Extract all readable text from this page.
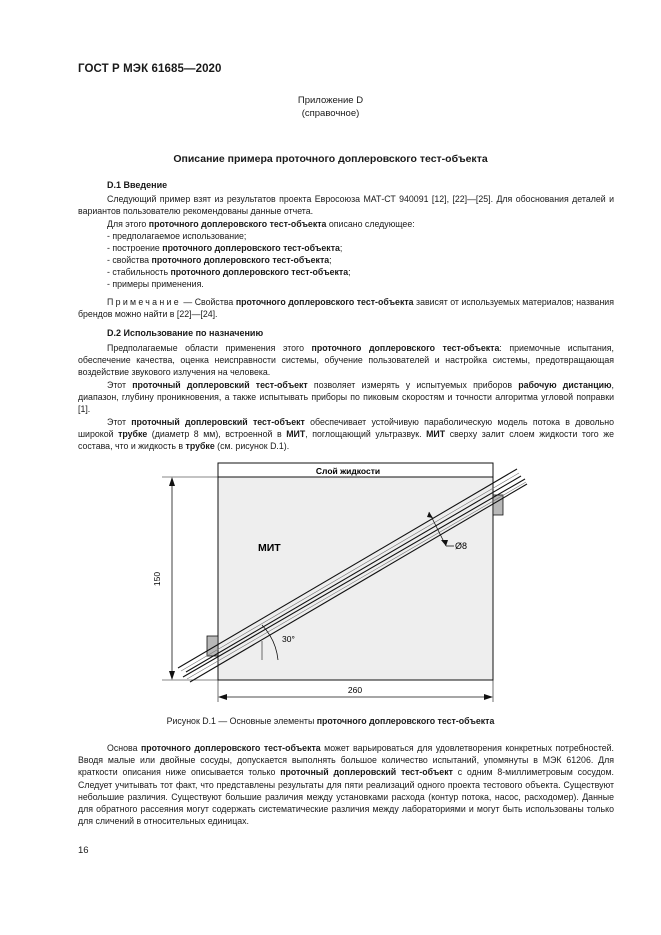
ГОСТ Р МЭК 61685—2020
Приложение D
(справочное)
Описание примера проточного доплеровского тест-объекта
D.1 Введение
Следующий пример взят из результатов проекта Евросоюза МАТ-СТ 940091 [12], [22]—[25]. Для обоснования деталей и вариантов пользователю рекомендованы данные отчета.
Для этого проточного доплеровского тест-объекта описано следующее:
- предполагаемое использование;
- построение проточного доплеровского тест-объекта;
- свойства проточного доплеровского тест-объекта;
- стабильность проточного доплеровского тест-объекта;
- примеры применения.
Примечание — Свойства проточного доплеровского тест-объекта зависят от используемых материалов; названия брендов можно найти в [22]—[24].
D.2 Использование по назначению
Предполагаемые области применения этого проточного доплеровского тест-объекта: приемочные испытания, обеспечение качества, оценка неисправности системы, обучение пользователей и настройка системы, предотвращающая воздействие звукового излучения на человека.
Этот проточный доплеровский тест-объект позволяет измерять у испытуемых приборов рабочую дистанцию, диапазон, глубину проникновения, а также испытывать приборы по пиковым скоростям и точности алгоритма угловой поправки [1].
Этот проточный доплеровский тест-объект обеспечивает устойчивую параболическую модель потока в довольно широкой трубке (диаметр 8 мм), встроенной в МИТ, поглощающий ультразвук. МИТ сверху залит слоем жидкости того же состава, что и жидкость в трубке (см. рисунок D.1).
Слой жидкости
Ø8
МИТ
30°
150
260
Рисунок D.1 — Основные элементы проточного доплеровского тест-объекта
Основа проточного доплеровского тест-объекта может варьироваться для удовлетворения конкретных потребностей. Вводя малые или двойные сосуды, допускается выполнять большое количество испытаний, упомянуты в МЭК 61206. Для краткости описания ниже описывается только проточный доплеровский тест-объект с одним 8-миллиметровым сосудом. Следует учитывать тот факт, что представлены результаты для пяти реализаций одного проекта тестового объекта. Существуют небольшие различия. Существуют большие различия между установками расхода (контур потока, насос, расходомер). Данные для обратного рассеяния могут содержать систематические различия между лабораториями и могут быть использованы только для сличений в относительных единицах.
16
